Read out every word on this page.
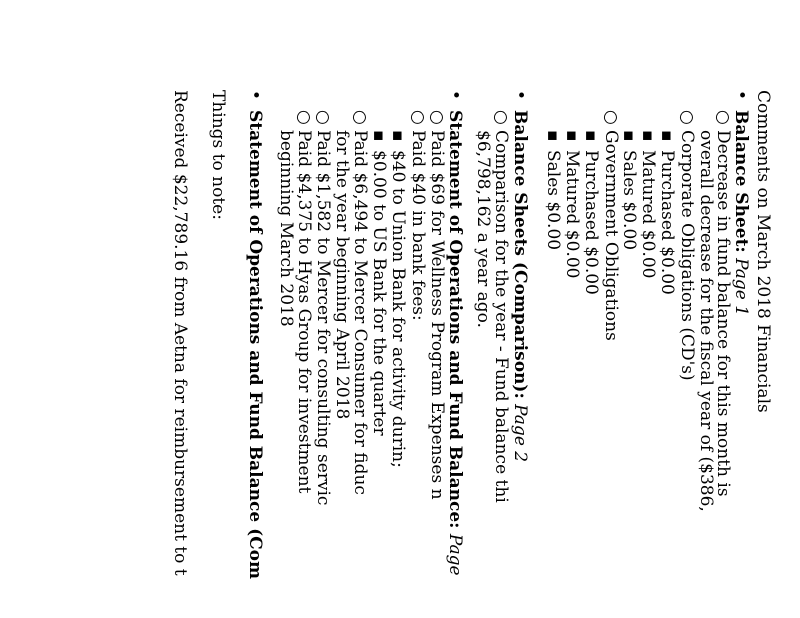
Comments on March 2018 Financials
•Balance Sheet: Page 1
○Decrease in fund balance for this month is
overall decrease for the fiscal year of ($386,
○Corporate Obligations (CD's)
▪Purchased $0.00
▪Matured $0.00
▪Sales $0.00
○Government Obligations
▪Purchased $0.00
▪Matured $0.00
▪Sales $0.00
•Balance Sheets (Comparison): Page 2
○Comparison for the year - Fund balance thi
$6,798,162 a year ago.
•Statement of Operations and Fund Balance: Page
○Paid $69 for Wellness Program Expenses n
○Paid $40 in bank fees:
▪$40 to Union Bank for activity durin;
▪$0.00 to US Bank for the quarter
○Paid $6,494 to Mercer Consumer for fiduc
for the year beginning April 2018
○Paid $1,582 to Mercer for consulting servic
○Paid $4,375 to Hyas Group for investment
beginning March 2018
•Statement of Operations and Fund Balance (Com
Things to note:
Received $22,789.16 from Aetna for reimbursement to t
